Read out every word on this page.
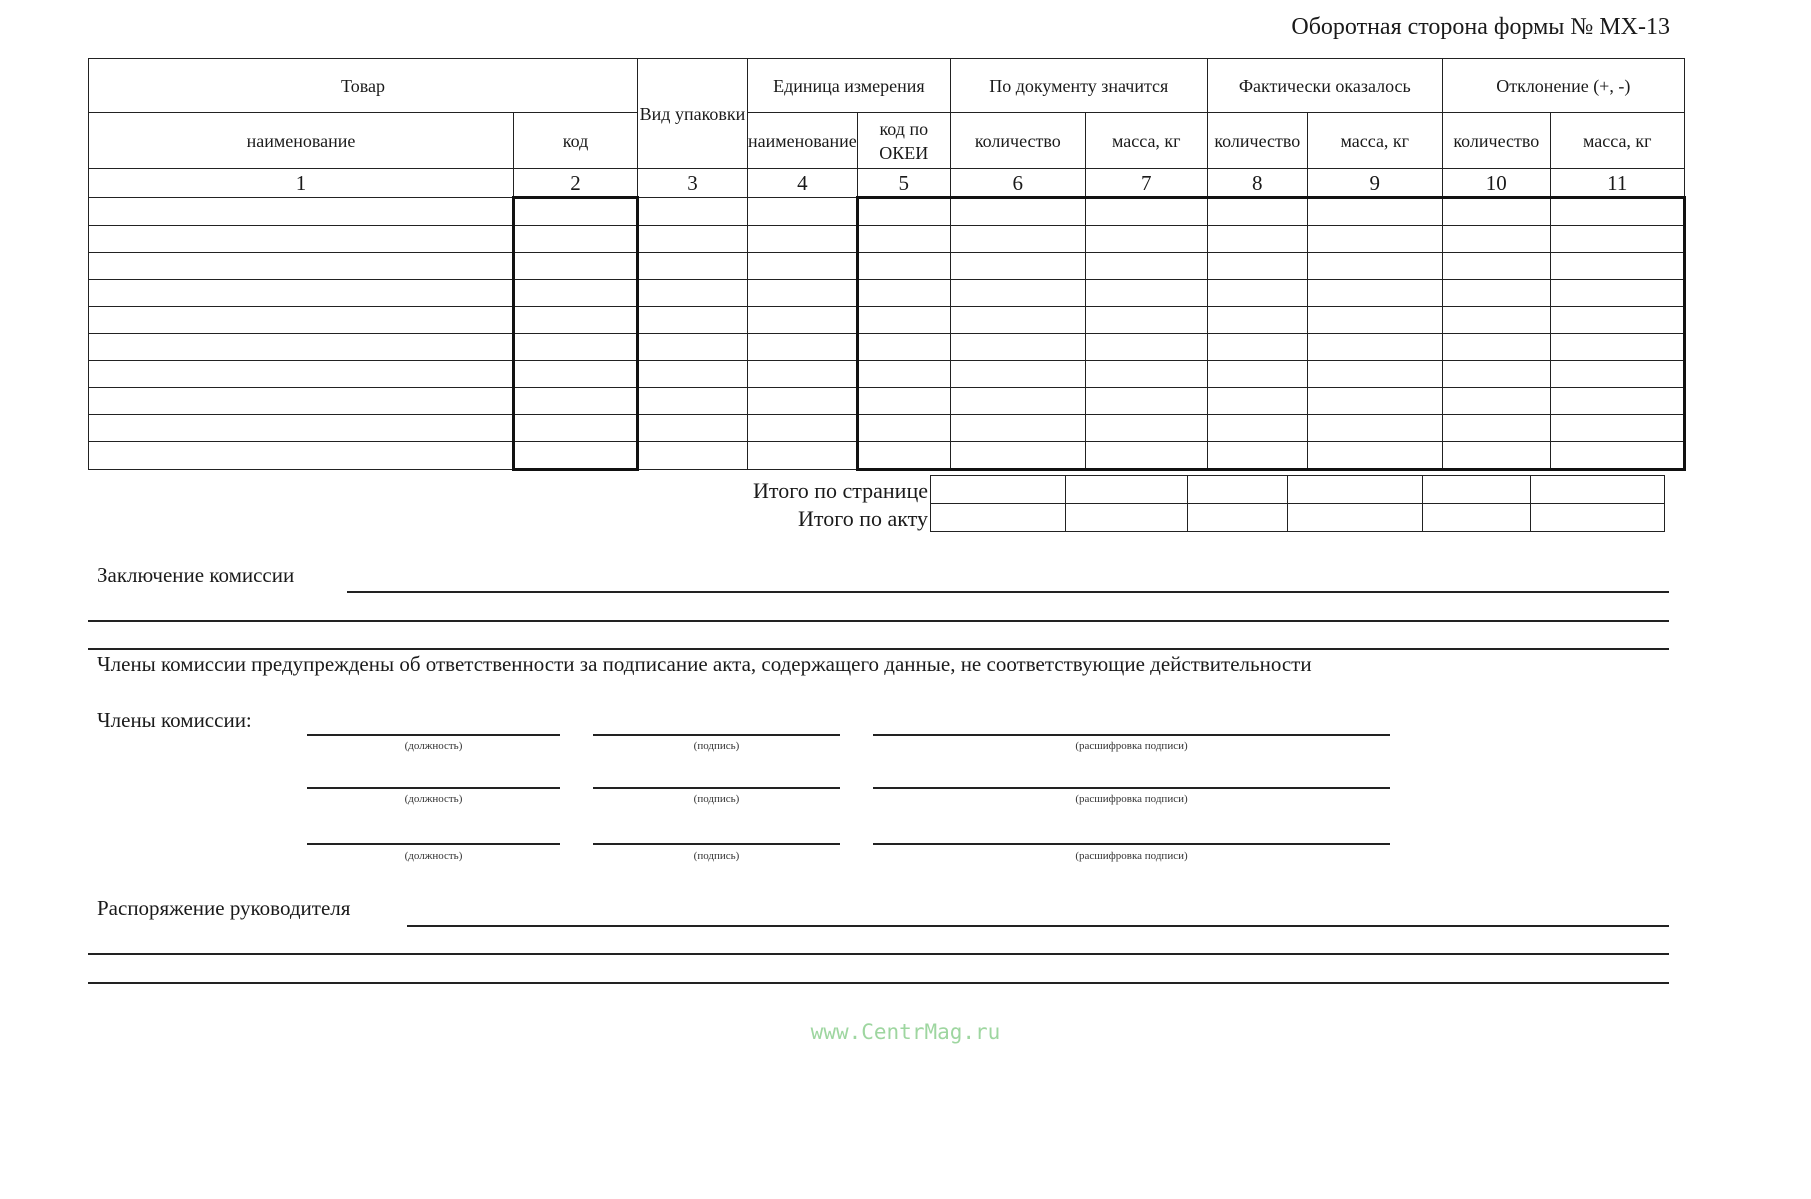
Оборотная сторона формы № МХ-13
Товар		Вид упаковки	Единица измерения		По документу значится		Фактически оказалось		Отклонение (+, -)	
наименование	код		наименование	код по ОКЕИ	количество	масса, кг	количество	масса, кг	количество	масса, кг
1	2	3	4	5	6	7	8	9	10	11

Итого по странице
Итого по акту

Заключение комиссии
Члены комиссии предупреждены об ответственности за подписание акта, содержащего данные, не соответствующие действительности
Члены комиссии:
(должность)	(подпись)	(расшифровка подписи)
(должность)	(подпись)	(расшифровка подписи)
(должность)	(подпись)	(расшифровка подписи)
Распоряжение руководителя
www.CentrMag.ru
